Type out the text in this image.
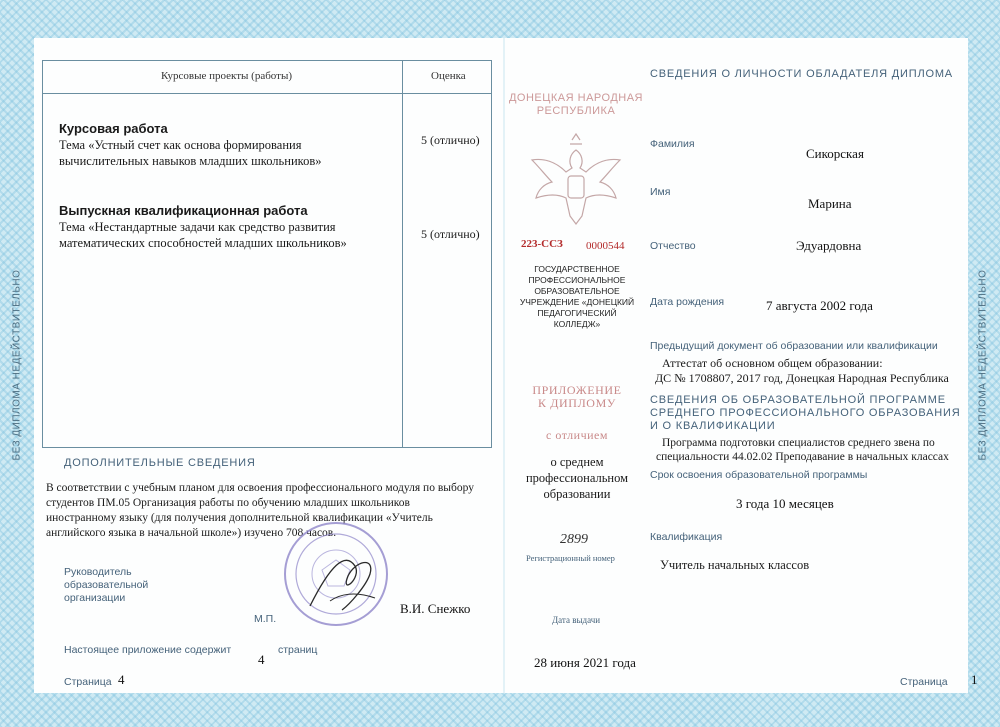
БЕЗ ДИПЛОМА НЕДЕЙСТВИТЕЛЬНО	БЕЗ ДИПЛОМА НЕДЕЙСТВИТЕЛЬНО
Курсовые проекты (работы)	Оценка
Курсовая работа
Тема «Устный счет как основа формирования
вычислительных навыков младших школьников»
5 (отлично)
Выпускная квалификационная работа
Тема «Нестандартные задачи как средство развития
математических способностей младших школьников»
5 (отлично)
ДОПОЛНИТЕЛЬНЫЕ СВЕДЕНИЯ
В соответствии с учебным планом для освоения профессионального модуля по выбору
студентов ПМ.05 Организация работы по обучению младших школьников
иностранному языку (для получения дополнительной квалификации «Учитель
английского языка в начальной школе») изучено 708 часов.
Руководитель
образовательной
организации
М.П.
В.И. Снежко
Настоящее приложение содержит
4
страниц
Страница 4
ДОНЕЦКАЯ НАРОДНАЯ
РЕСПУБЛИКА
223-ССЗ 0000544
ГОСУДАРСТВЕННОЕ
ПРОФЕССИОНАЛЬНОЕ
ОБРАЗОВАТЕЛЬНОЕ
УЧРЕЖДЕНИЕ «ДОНЕЦКИЙ
ПЕДАГОГИЧЕСКИЙ
КОЛЛЕДЖ»
ПРИЛОЖЕНИЕ
К ДИПЛОМУ
с отличием
о среднем
профессиональном
образовании
2899
Регистрационный номер
Дата выдачи
28 июня 2021 года
СВЕДЕНИЯ О ЛИЧНОСТИ ОБЛАДАТЕЛЯ ДИПЛОМА
Фамилия
Сикорская
Имя
Марина
Отчество	Эдуардовна
Дата рождения	7 августа 2002 года
Предыдущий документ об образовании или квалификации
Аттестат об основном общем образовании:
ДС № 1708807, 2017 год, Донецкая Народная Республика
СВЕДЕНИЯ ОБ ОБРАЗОВАТЕЛЬНОЙ ПРОГРАММЕ
СРЕДНЕГО ПРОФЕССИОНАЛЬНОГО ОБРАЗОВАНИЯ
И О КВАЛИФИКАЦИИ
Программа подготовки специалистов среднего звена по
специальности 44.02.02 Преподавание в начальных классах
Срок освоения образовательной программы
3 года 10 месяцев
Квалификация
Учитель начальных классов
Страница 1
